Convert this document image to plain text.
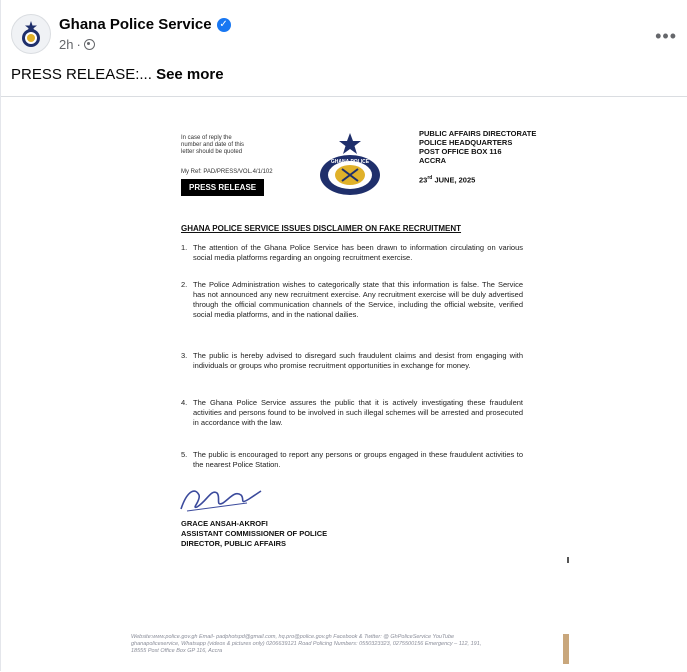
Ghana Police Service ✓
2h ·	•••
PRESS RELEASE:... See more
In case of reply the
number and date of this
letter should be quoted
My Ref: PAD/PRESS/VOL.4/1/102
PRESS RELEASE
GHANA POLICE
PUBLIC AFFAIRS DIRECTORATE
POLICE HEADQUARTERS
POST OFFICE BOX 116
ACCRA
23rd JUNE, 2025
GHANA POLICE SERVICE ISSUES DISCLAIMER ON FAKE RECRUITMENT
1. The attention of the Ghana Police Service has been drawn to information circulating on various social media platforms regarding an ongoing recruitment exercise.
2. The Police Administration wishes to categorically state that this information is false. The Service has not announced any new recruitment exercise. Any recruitment exercise will be duly advertised through the official communication channels of the Service, including the official website, verified social media platforms, and in the national dailies.
3. The public is hereby advised to disregard such fraudulent claims and desist from engaging with individuals or groups who promise recruitment opportunities in exchange for money.
4. The Ghana Police Service assures the public that it is actively investigating these fraudulent activities and persons found to be involved in such illegal schemes will be arrested and prosecuted in accordance with the law.
5. The public is encouraged to report any persons or groups engaged in these fraudulent activities to the nearest Police Station.
GRACE ANSAH-AKROFI
ASSISTANT COMMISSIONER OF POLICE
DIRECTOR, PUBLIC AFFAIRS
Website:www.police.gov.gh Email- padphotspd@gmail.com, hq.pro@police.gov.gh Facebook & Twitter: @ GhPoliceService YouTube
ghanapoliceservice, Whatsapp (videos & pictures only) 0206639121 Road Policing Numbers: 0550323323, 0275500156 Emergency – 112, 191,
18555 Post Office Box GP 116, Accra
